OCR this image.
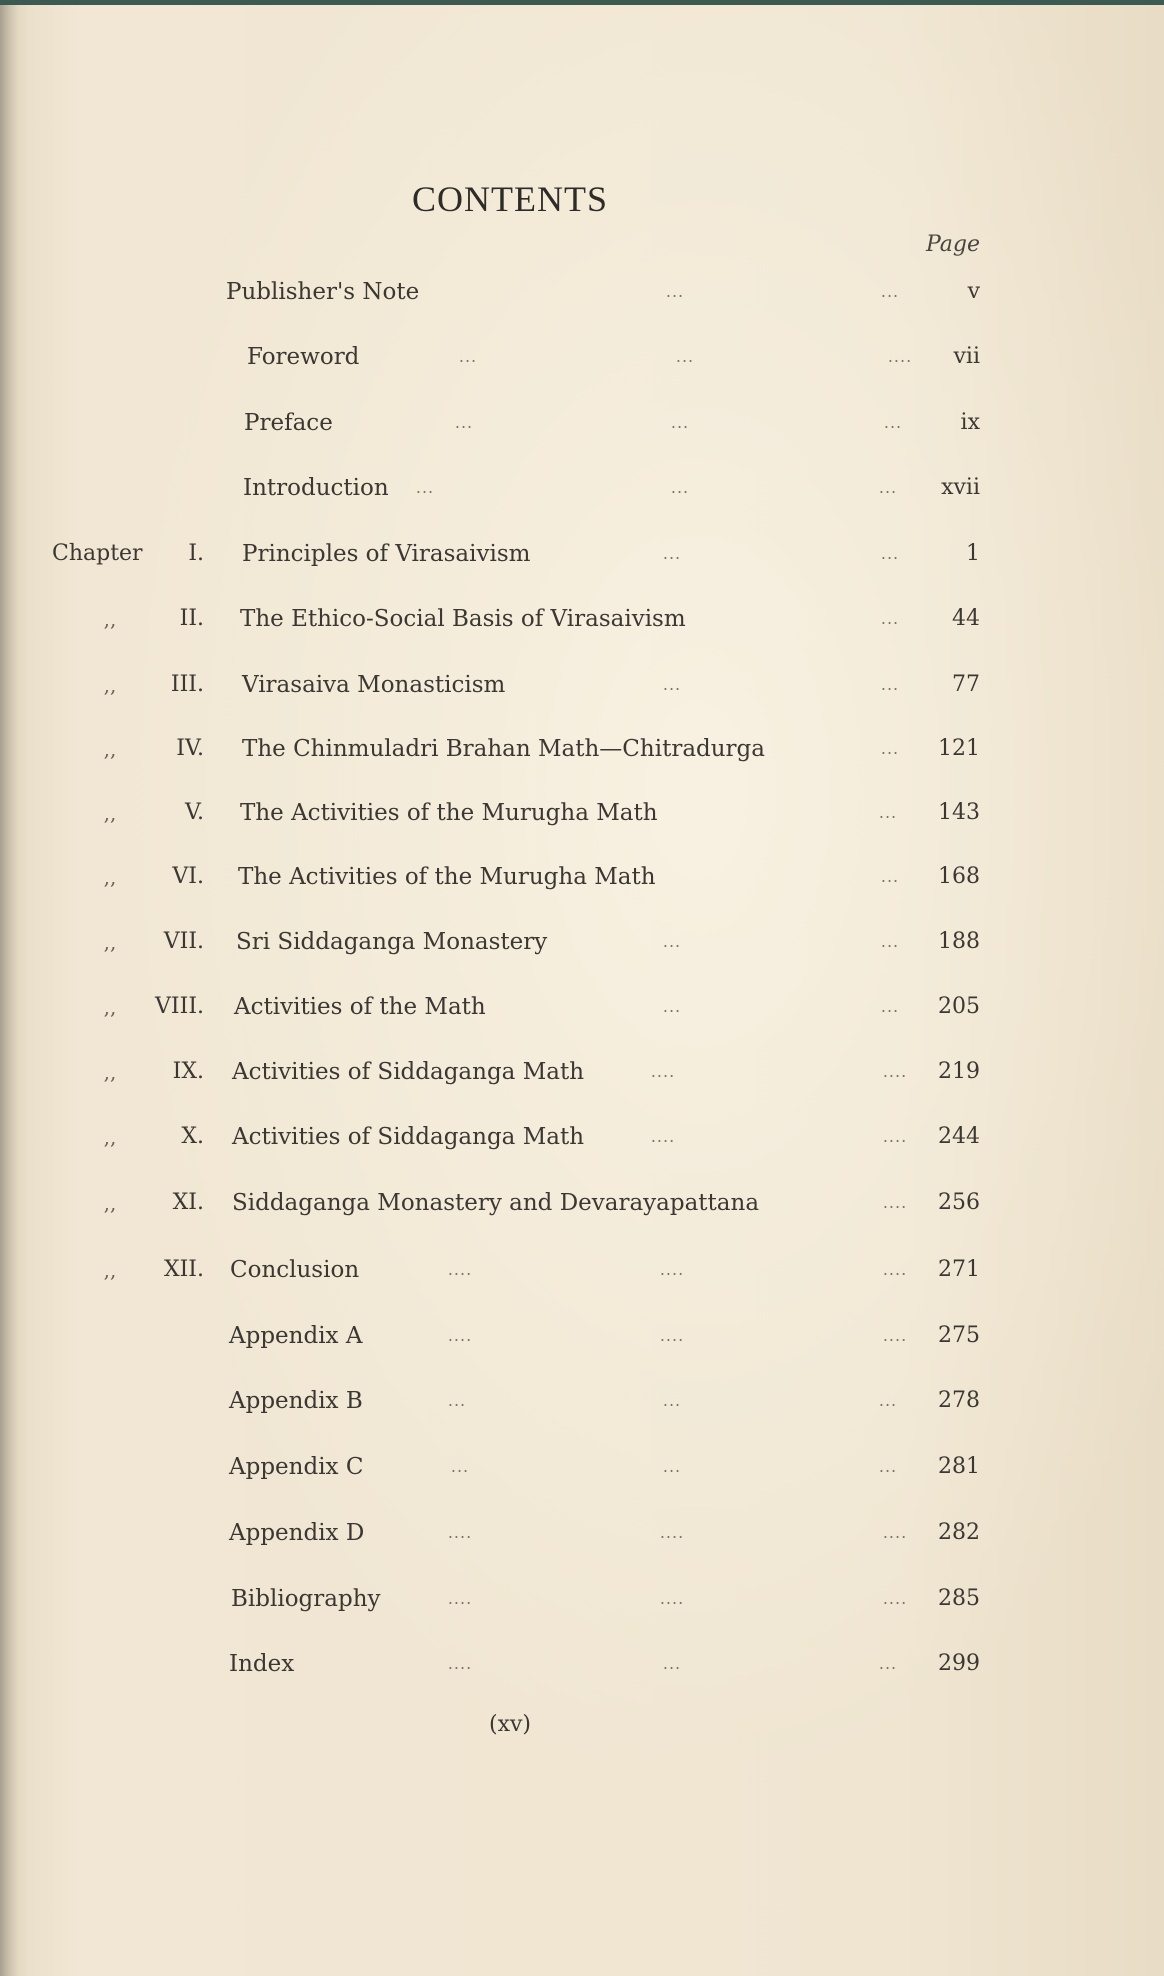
CONTENTS
Page
Publisher's Note	...	...	v
Foreword	...	...	....	vii
Preface	...	...	...	ix
Introduction	...	...	...	xvii
Chapter	I. Principles of Virasaivism	...	...	1
,,	II. The Ethico-Social Basis of Virasaivism	...	44
,,	III. Virasaiva Monasticism	...	...	77
,,	IV. The Chinmuladri Brahan Math—Chitradurga	...	121
,,	V. The Activities of the Murugha Math	...	143
,,	VI. The Activities of the Murugha Math	...	168
,,	VII. Sri Siddaganga Monastery	...	...	188
,,	VIII. Activities of the Math	...	...	205
,,	IX. Activities of Siddaganga Math	....	....	219
,,	X. Activities of Siddaganga Math	....	....	244
,,	XI. Siddaganga Monastery and Devarayapattana	....	256
,,	XII. Conclusion	....	....	....	271
Appendix A	....	....	....	275
Appendix B	...	...	...	278
Appendix C	...	...	...	281
Appendix D	....	....	....	282
Bibliography	....	....	....	285
Index	....	...	...	299
(xv)
